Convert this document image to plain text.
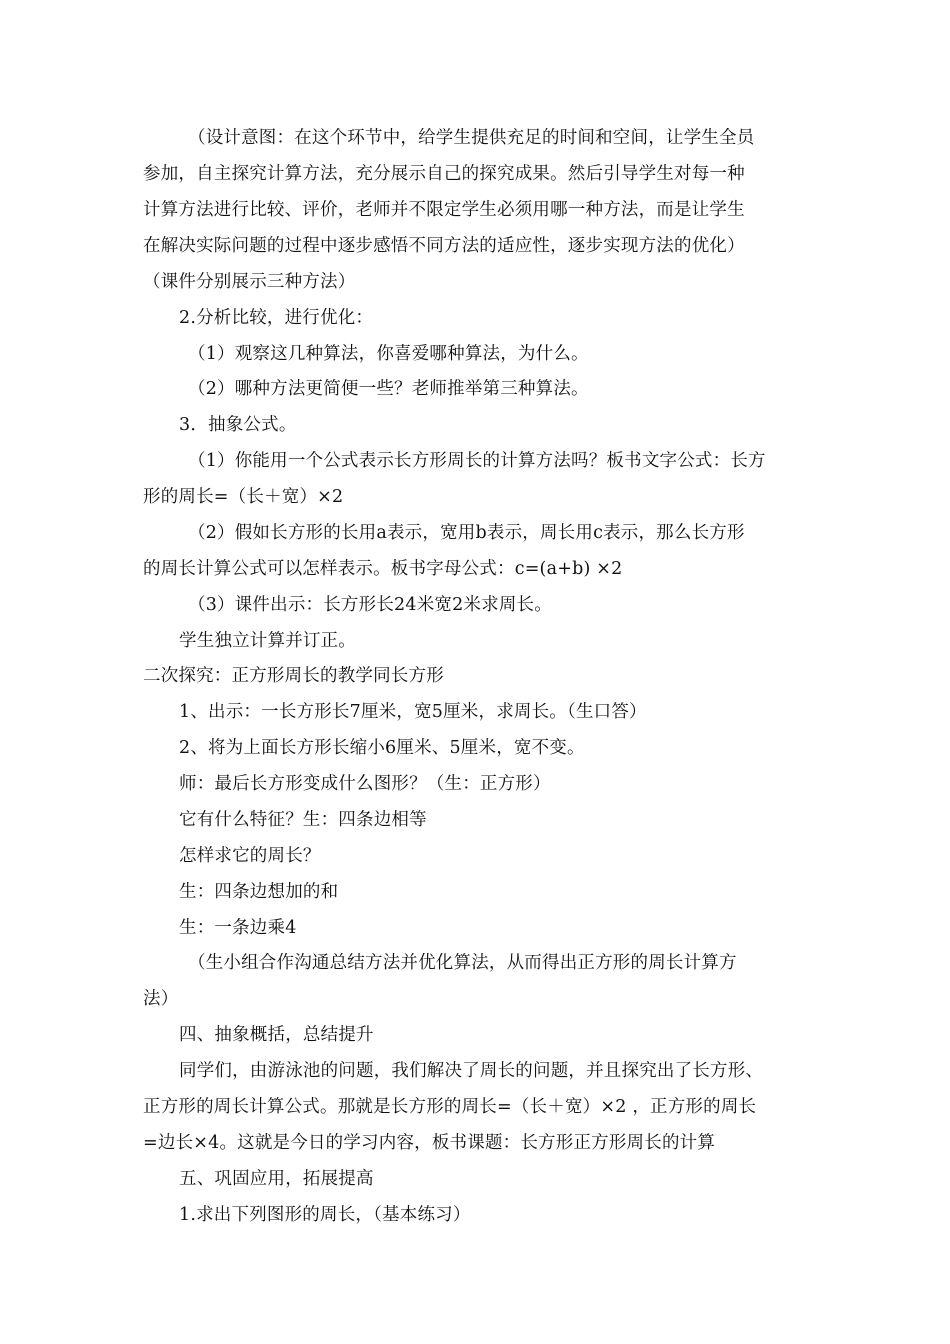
（设计意图：在这个环节中，给学生提供充足的时间和空间，让学生全员
参加，自主探究计算方法，充分展示自己的探究成果。然后引导学生对每一种
计算方法进行比较、评价，老师并不限定学生必须用哪一种方法，而是让学生
在解决实际问题的过程中逐步感悟不同方法的适应性，逐步实现方法的优化）
（课件分别展示三种方法）
2.分析比较，进行优化：
（1）观察这几种算法，你喜爱哪种算法，为什么。
（2）哪种方法更简便一些？老师推举第三种算法。
3．抽象公式。
（1）你能用一个公式表示长方形周长的计算方法吗？板书文字公式：长方
形的周长=（长＋宽）×2
（2）假如长方形的长用a表示，宽用b表示，周长用c表示，那么长方形
的周长计算公式可以怎样表示。板书字母公式：c=(a+b) ×2
（3）课件出示：长方形长24米宽2米求周长。
学生独立计算并订正。
二次探究：正方形周长的教学同长方形
1、出示：一长方形长7厘米，宽5厘米，求周长。（生口答）
2、将为上面长方形长缩小6厘米、5厘米，宽不变。
师：最后长方形变成什么图形？（生：正方形）
它有什么特征？生：四条边相等
怎样求它的周长？
生：四条边想加的和
生：一条边乘4
（生小组合作沟通总结方法并优化算法，从而得出正方形的周长计算方
法）
四、抽象概括，总结提升
同学们，由游泳池的问题，我们解决了周长的问题，并且探究出了长方形、
正方形的周长计算公式。那就是长方形的周长=（长＋宽）×2 ，正方形的周长
=边长×4。这就是今日的学习内容，板书课题：长方形正方形周长的计算
五、巩固应用，拓展提高
1.求出下列图形的周长，（基本练习）
